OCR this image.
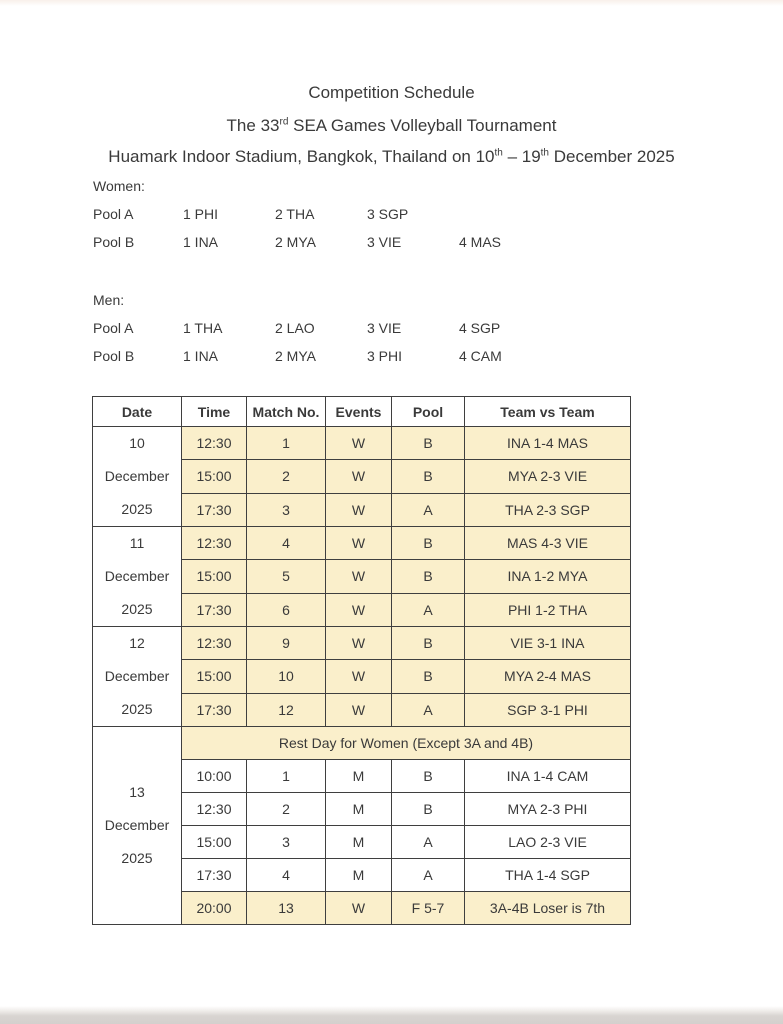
Competition Schedule
The 33rd SEA Games Volleyball Tournament
Huamark Indoor Stadium, Bangkok, Thailand on 10th – 19th December 2025
Women:
Pool A	1 PHI	2 THA	3 SGP
Pool B	1 INA	2 MYA	3 VIE	4 MAS
Men:
Pool A	1 THA	2 LAO	3 VIE	4 SGP
Pool B	1 INA	2 MYA	3 PHI	4 CAM
Date	Time	Match No.	Events	Pool	Team vs Team

10
December
2025	12:30	1	W	B	INA 1-4 MAS
	15:00	2	W	B	MYA 2-3 VIE
	17:30	3	W	A	THA 2-3 SGP

11
December
2025	12:30	4	W	B	MAS 4-3 VIE
	15:00	5	W	B	INA 1-2 MYA
	17:30	6	W	A	PHI 1-2 THA

12
December
2025	12:30	9	W	B	VIE 3-1 INA
	15:00	10	W	B	MYA 2-4 MAS
	17:30	12	W	A	SGP 3-1 PHI

13
December
2025	Rest Day for Women (Except 3A and 4B)				
	10:00	1	M	B	INA 1-4 CAM
	12:30	2	M	B	MYA 2-3 PHI
	15:00	3	M	A	LAO 2-3 VIE
	17:30	4	M	A	THA 1-4 SGP
	20:00	13	W	F 5-7	3A-4B Loser is 7th
